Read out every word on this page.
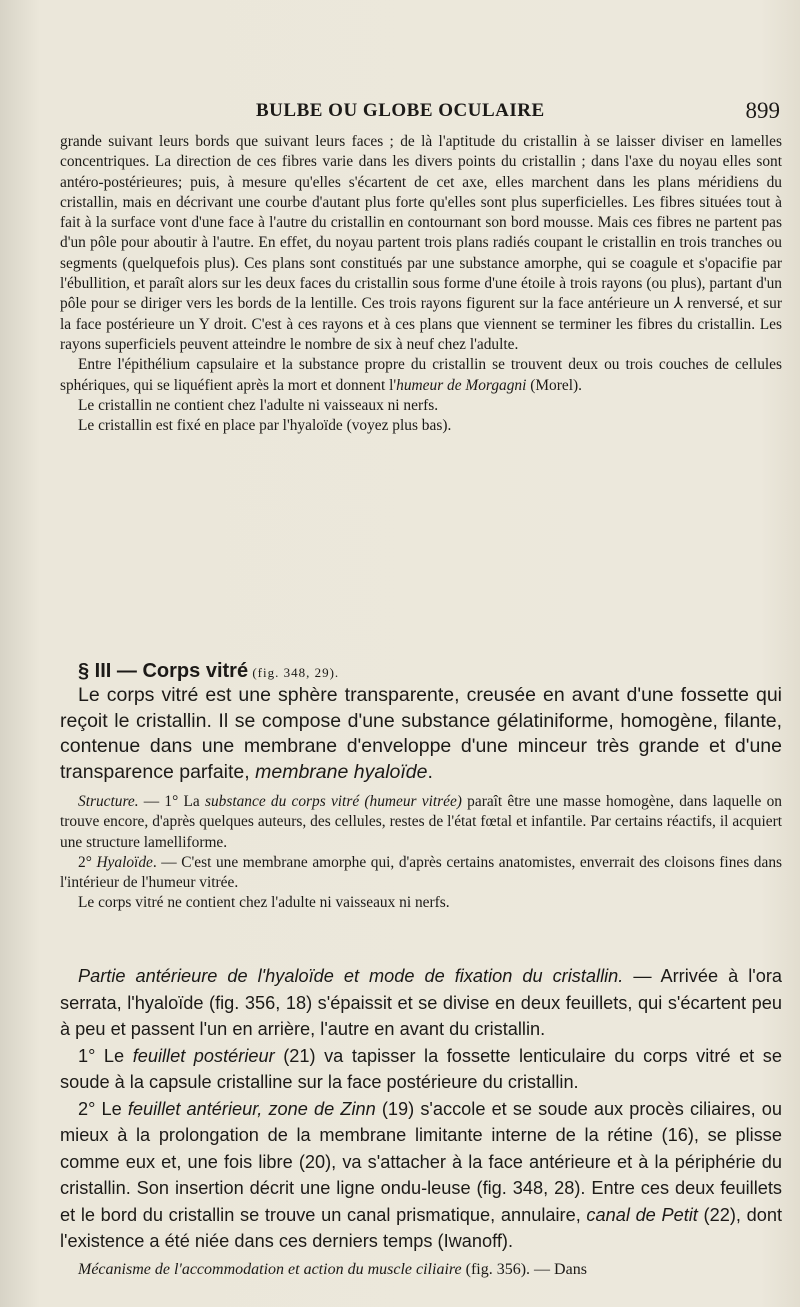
BULBE OU GLOBE OCULAIRE	899

grande suivant leurs bords que suivant leurs faces ; de là l'aptitude du cristallin à se laisser diviser en lamelles concentriques. La direction de ces fibres varie dans les divers points du cristallin ; dans l'axe du noyau elles sont antéro-postérieures; puis, à mesure qu'elles s'écartent de cet axe, elles marchent dans les plans méridiens du cristallin, mais en décrivant une courbe d'autant plus forte qu'elles sont plus superficielles. Les fibres situées tout à fait à la surface vont d'une face à l'autre du cristallin en contournant son bord mousse. Mais ces fibres ne partent pas d'un pôle pour aboutir à l'autre. En effet, du noyau partent trois plans radiés coupant le cristallin en trois tranches ou segments (quelquefois plus). Ces plans sont constitués par une substance amorphe, qui se coagule et s'opacifie par l'ébullition, et paraît alors sur les deux faces du cristallin sous forme d'une étoile à trois rayons (ou plus), partant d'un pôle pour se diriger vers les bords de la lentille. Ces trois rayons figurent sur la face antérieure un ⅄ renversé, et sur la face postérieure un Y droit. C'est à ces rayons et à ces plans que viennent se terminer les fibres du cristallin. Les rayons superficiels peuvent atteindre le nombre de six à neuf chez l'adulte.

Entre l'épithélium capsulaire et la substance propre du cristallin se trouvent deux ou trois couches de cellules sphériques, qui se liquéfient après la mort et donnent l'humeur de Morgagni (Morel).

Le cristallin ne contient chez l'adulte ni vaisseaux ni nerfs.

Le cristallin est fixé en place par l'hyaloïde (voyez plus bas).

§ III — Corps vitré (fig. 348, 29).

Le corps vitré est une sphère transparente, creusée en avant d'une fossette qui reçoit le cristallin. Il se compose d'une substance gélatiniforme, homogène, filante, contenue dans une membrane d'enveloppe d'une minceur très grande et d'une transparence parfaite, membrane hyaloïde.

Structure. — 1° La substance du corps vitré (humeur vitrée) paraît être une masse homogène, dans laquelle on trouve encore, d'après quelques auteurs, des cellules, restes de l'état fœtal et infantile. Par certains réactifs, il acquiert une structure lamelliforme.

2° Hyaloïde. — C'est une membrane amorphe qui, d'après certains anatomistes, enverrait des cloisons fines dans l'intérieur de l'humeur vitrée.

Le corps vitré ne contient chez l'adulte ni vaisseaux ni nerfs.

Partie antérieure de l'hyaloïde et mode de fixation du cristallin. — Arrivée à l'ora serrata, l'hyaloïde (fig. 356, 18) s'épaissit et se divise en deux feuillets, qui s'écartent peu à peu et passent l'un en arrière, l'autre en avant du cristallin.

1° Le feuillet postérieur (21) va tapisser la fossette lenticulaire du corps vitré et se soude à la capsule cristalline sur la face postérieure du cristallin.

2° Le feuillet antérieur, zone de Zinn (19) s'accole et se soude aux procès ciliaires, ou mieux à la prolongation de la membrane limitante interne de la rétine (16), se plisse comme eux et, une fois libre (20), va s'attacher à la face antérieure et à la périphérie du cristallin. Son insertion décrit une ligne ondu-leuse (fig. 348, 28). Entre ces deux feuillets et le bord du cristallin se trouve un canal prismatique, annulaire, canal de Petit (22), dont l'existence a été niée dans ces derniers temps (Iwanoff).

Mécanisme de l'accommodation et action du muscle ciliaire (fig. 356). — Dans
